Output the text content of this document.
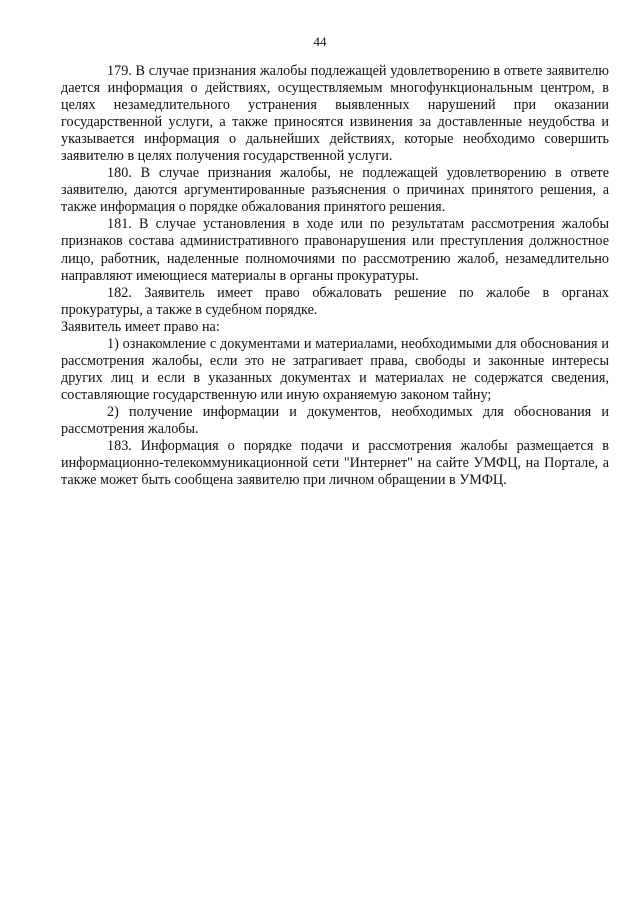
44

179. В случае признания жалобы подлежащей удовлетворению в ответе заявителю дается информация о действиях, осуществляемым многофункциональным центром, в целях незамедлительного устранения выявленных нарушений при оказании государственной услуги, а также приносятся извинения за доставленные неудобства и указывается информация о дальнейших действиях, которые необходимо совершить заявителю в целях получения государственной услуги.

180. В случае признания жалобы, не подлежащей удовлетворению в ответе заявителю, даются аргументированные разъяснения о причинах принятого решения, а также информация о порядке обжалования принятого решения.

181. В случае установления в ходе или по результатам рассмотрения жалобы признаков состава административного правонарушения или преступления должностное лицо, работник, наделенные полномочиями по рассмотрению жалоб, незамедлительно направляют имеющиеся материалы в органы прокуратуры.

182. Заявитель имеет право обжаловать решение по жалобе в органах прокуратуры, а также в судебном порядке.

Заявитель имеет право на:

1) ознакомление с документами и материалами, необходимыми для обоснования и рассмотрения жалобы, если это не затрагивает права, свободы и законные интересы других лиц и если в указанных документах и материалах не содержатся сведения, составляющие государственную или иную охраняемую законом тайну;

2) получение информации и документов, необходимых для обоснования и рассмотрения жалобы.

183. Информация о порядке подачи и рассмотрения жалобы размещается в информационно-телекоммуникационной сети "Интернет" на сайте УМФЦ, на Портале, а также может быть сообщена заявителю при личном обращении в УМФЦ.
